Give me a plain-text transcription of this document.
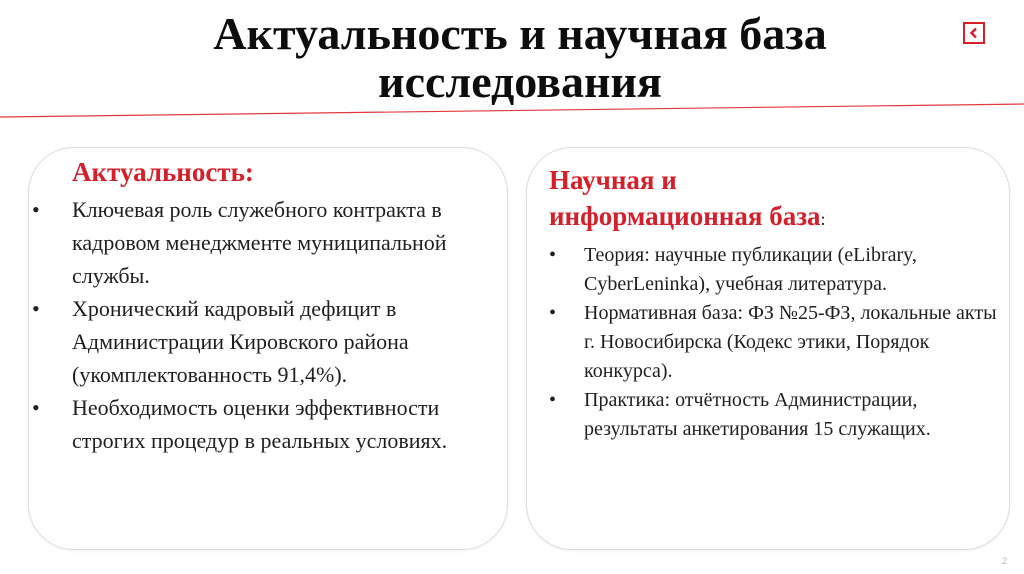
Актуальность и научная база исследования
Актуальность:
• Ключевая роль служебного контракта в кадровом менеджменте муниципальной службы.
• Хронический кадровый дефицит в Администрации Кировского района (укомплектованность 91,4%).
• Необходимость оценки эффективности строгих процедур в реальных условиях.
Научная и
информационная база:
• Теория: научные публикации (eLibrary, CyberLeninka), учебная литература.
• Нормативная база: ФЗ №25-ФЗ, локальные акты г. Новосибирска (Кодекс этики, Порядок конкурса).
• Практика: отчётность Администрации, результаты анкетирования 15 служащих.
2
